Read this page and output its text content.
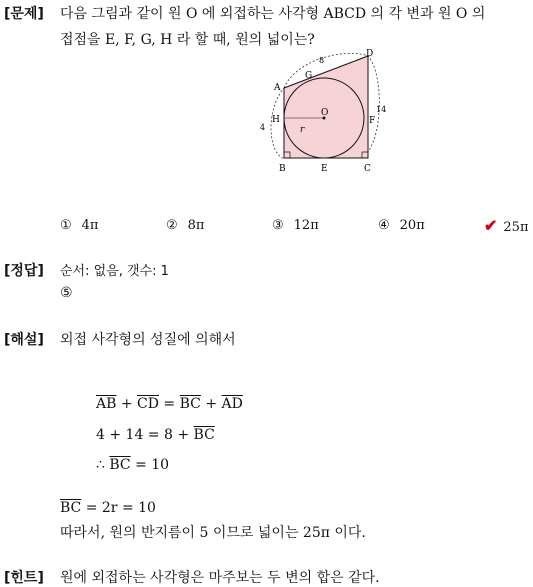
[문제] 다음 그림과 같이 원 O 에 외접하는 사각형 ABCD 의 각 변과 원 O 의
접점을 E, F, G, H 라 할 때, 원의 넓이는?
A
D
B	C
E
F
G
H
O
r
8
4
14
① 4π	② 8π	③ 12π	④ 20π	✔ 25π
[정답] 순서: 없음, 갯수: 1
⑤
[해설] 외접 사각형의 성질에 의해서
$\overline{AB} + \overline{CD} = \overline{BC} + \overline{AD}$
$4 + 14 = 8 + \overline{BC}$
∴ $\overline{BC} = 10$
$\overline{BC} = 2r = 10$
따라서, 원의 반지름이 5 이므로 넓이는 25π 이다.
[힌트] 원에 외접하는 사각형은 마주보는 두 변의 합은 같다.
